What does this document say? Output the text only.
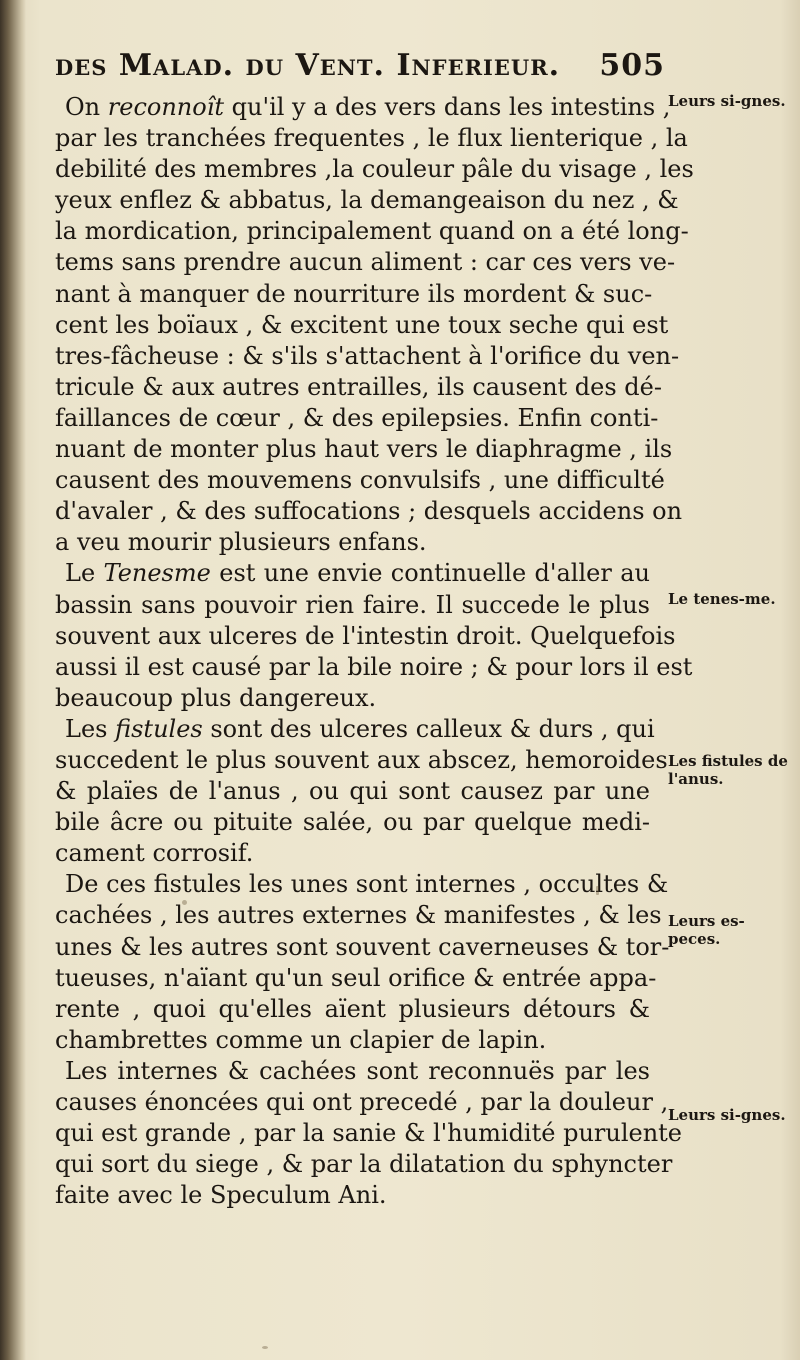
des Malad. du Vent. Inferieur. 505
On reconnoît qu'il y a des vers dans les intestins ,
par les tranchées frequentes , le flux lienterique , la
debilité des membres ,la couleur pâle du visage , les
yeux enflez & abbatus, la demangeaison du nez , &
la mordication, principalement quand on a été long-
tems sans prendre aucun aliment : car ces vers ve-
nant à manquer de nourriture ils mordent & suc-
cent les boïaux , & excitent une toux seche qui est
tres-fâcheuse : & s'ils s'attachent à l'orifice du ven-
tricule & aux autres entrailles, ils causent des dé-
faillances de cœur , & des epilepsies. Enfin conti-
nuant de monter plus haut vers le diaphragme , ils
causent des mouvemens convulsifs , une difficulté
d'avaler , & des suffocations ; desquels accidens on
a veu mourir plusieurs enfans.
Le Tenesme est une envie continuelle d'aller au
bassin sans pouvoir rien faire. Il succede le plus
souvent aux ulceres de l'intestin droit. Quelquefois
aussi il est causé par la bile noire ; & pour lors il est
beaucoup plus dangereux.
Les fistules sont des ulceres calleux & durs , qui
succedent le plus souvent aux abscez, hemoroides
& plaïes de l'anus , ou qui sont causez par une
bile âcre ou pituite salée, ou par quelque medi-
cament corrosif.
De ces fistules les unes sont internes , occultes &
cachées , les autres externes & manifestes , & les
unes & les autres sont souvent caverneuses & tor-
tueuses, n'aïant qu'un seul orifice & entrée appa-
rente , quoi qu'elles aïent plusieurs détours &
chambrettes comme un clapier de lapin.
Les internes & cachées sont reconnuës par les
causes énoncées qui ont precedé , par la douleur ,
qui est grande , par la sanie & l'humidité purulente
qui sort du siege , & par la dilatation du sphyncter
faite avec le Speculum Ani.
Leurs si-gnes.
Le tenes-me.
Les fistules de l'anus.
Leurs es-peces.
Leurs si-gnes.
